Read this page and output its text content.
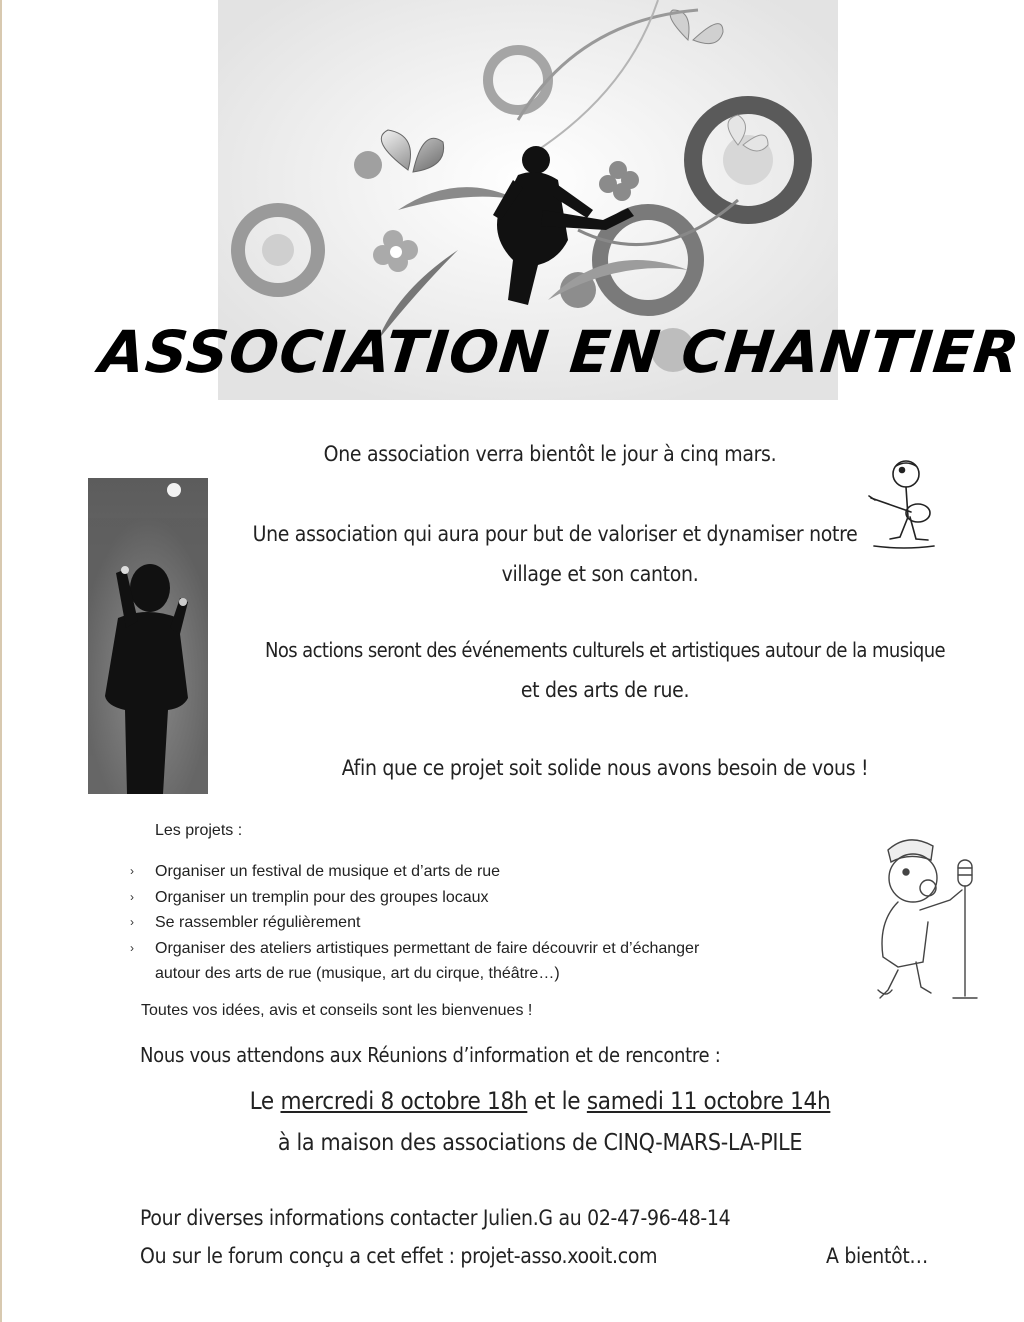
ASSOCIATION EN CHANTIER
One association verra bientôt le jour à cinq mars.
Une association qui aura pour but de valoriser et dynamiser notre
village et son canton.
Nos actions seront des événements culturels et artistiques autour de la musique
et des arts de rue.
Afin que ce projet soit solide nous avons besoin de vous !
Les projets :
› Organiser un festival de musique et d’arts de rue
› Organiser un tremplin pour des groupes locaux
› Se rassembler régulièrement
› Organiser des ateliers artistiques permettant de faire découvrir et d’échanger
autour des arts de rue (musique, art du cirque, théâtre…)
Toutes vos idées, avis et conseils sont les bienvenues !
Nous vous attendons aux Réunions d’information et de rencontre :
Le mercredi 8 octobre 18h et le samedi 11 octobre 14h
à la maison des associations de CINQ-MARS-LA-PILE
Pour diverses informations contacter Julien.G au 02-47-96-48-14
Ou sur le forum conçu a cet effet : projet-asso.xooit.com	A bientôt…
